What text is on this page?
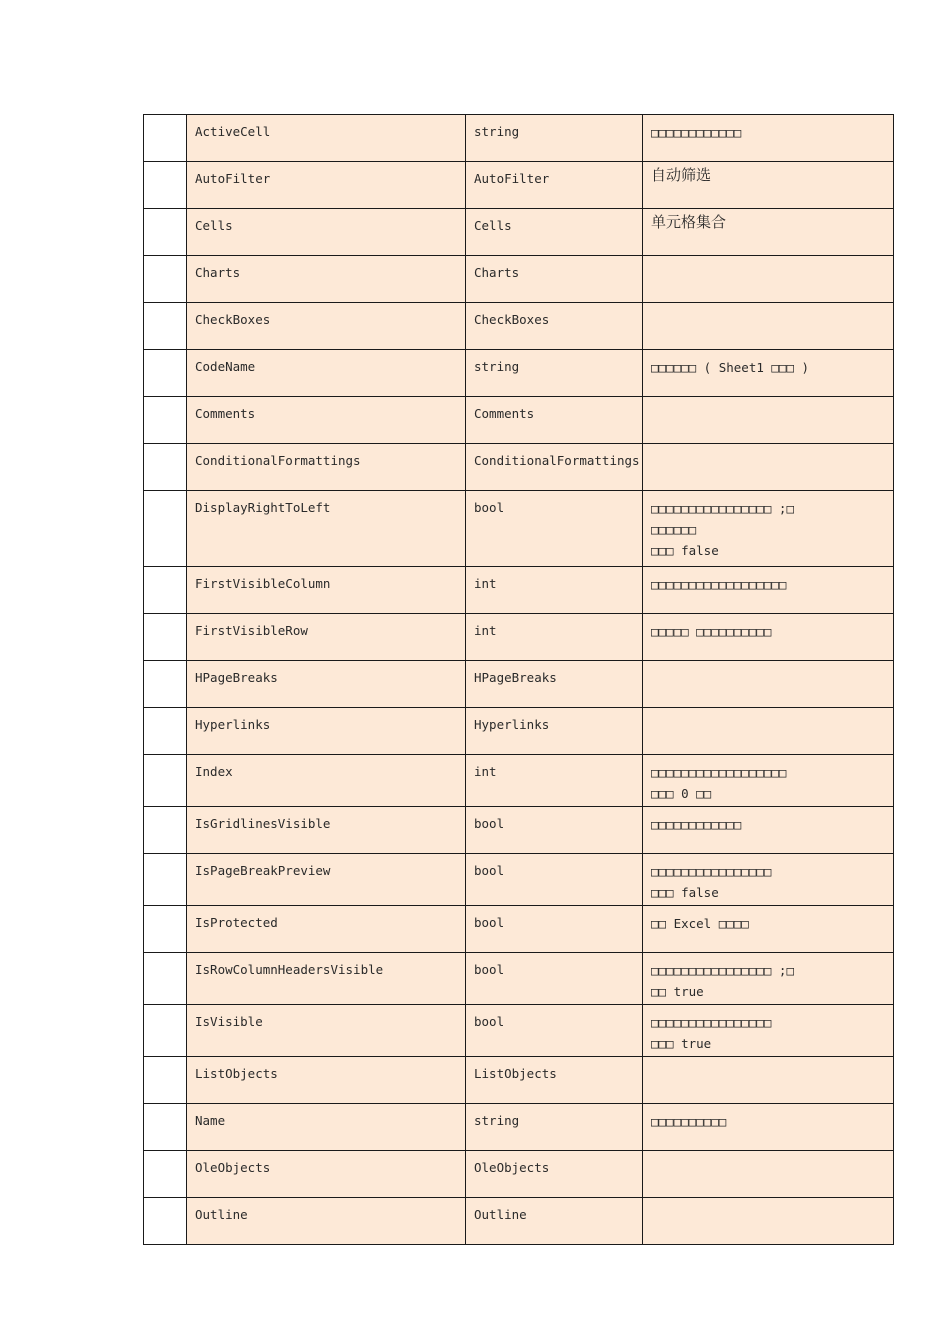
	ActiveCell	string	□□□□□□□□□□□□

	AutoFilter	AutoFilter	自动筛选

	Cells	Cells	单元格集合

	Charts	Charts	

	CheckBoxes	CheckBoxes	

	CodeName	string	□□□□□□ ( Sheet1 □□□ )

	Comments	Comments	

	ConditionalFormattings	ConditionalFormattings	

	DisplayRightToLeft	bool	□□□□□□□□□□□□□□□□ ;□
□□□□□□
□□□ false

	FirstVisibleColumn	int	□□□□□□□□□□□□□□□□□□

	FirstVisibleRow	int	□□□□□ □□□□□□□□□□

	HPageBreaks	HPageBreaks	

	Hyperlinks	Hyperlinks	

	Index	int	□□□□□□□□□□□□□□□□□□
□□□ 0 □□

	IsGridlinesVisible	bool	□□□□□□□□□□□□

	IsPageBreakPreview	bool	□□□□□□□□□□□□□□□□
□□□ false

	IsProtected	bool	□□ Excel □□□□

	IsRowColumnHeadersVisible	bool	□□□□□□□□□□□□□□□□ ;□
□□ true

	IsVisible	bool	□□□□□□□□□□□□□□□□
□□□ true

	ListObjects	ListObjects	

	Name	string	□□□□□□□□□□

	OleObjects	OleObjects	

	Outline	Outline	
